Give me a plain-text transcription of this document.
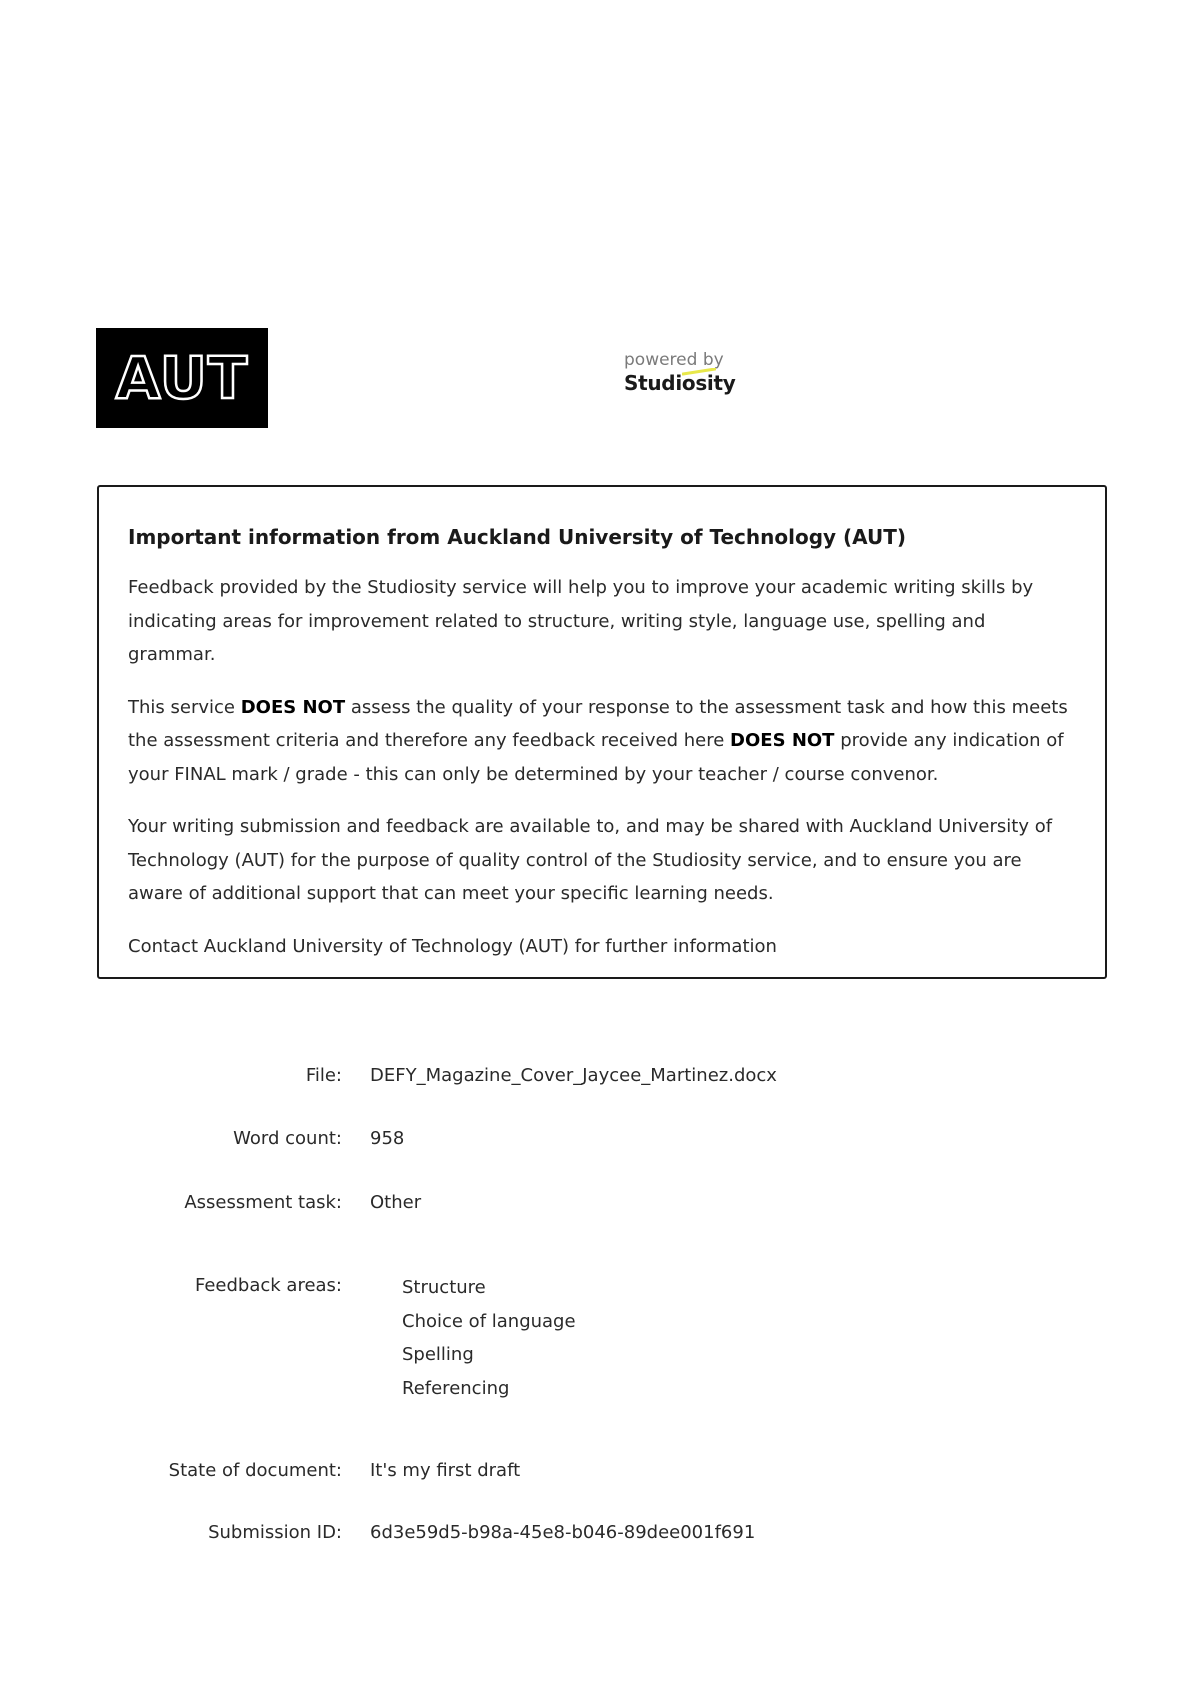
AUT	powered by
Studiosity
Important information from Auckland University of Technology (AUT)

Feedback provided by the Studiosity service will help you to improve your academic writing skills by indicating areas for improvement related to structure, writing style, language use, spelling and grammar.

This service DOES NOT assess the quality of your response to the assessment task and how this meets the assessment criteria and therefore any feedback received here DOES NOT provide any indication of your FINAL mark / grade - this can only be determined by your teacher / course convenor.

Your writing submission and feedback are available to, and may be shared with Auckland University of Technology (AUT) for the purpose of quality control of the Studiosity service, and to ensure you are aware of additional support that can meet your specific learning needs.

Contact Auckland University of Technology (AUT) for further information

File: DEFY_Magazine_Cover_Jaycee_Martinez.docx
Word count: 958
Assessment task: Other
Feedback areas:	Structure
Choice of language
Spelling
Referencing
State of document: It's my first draft
Submission ID: 6d3e59d5-b98a-45e8-b046-89dee001f691
